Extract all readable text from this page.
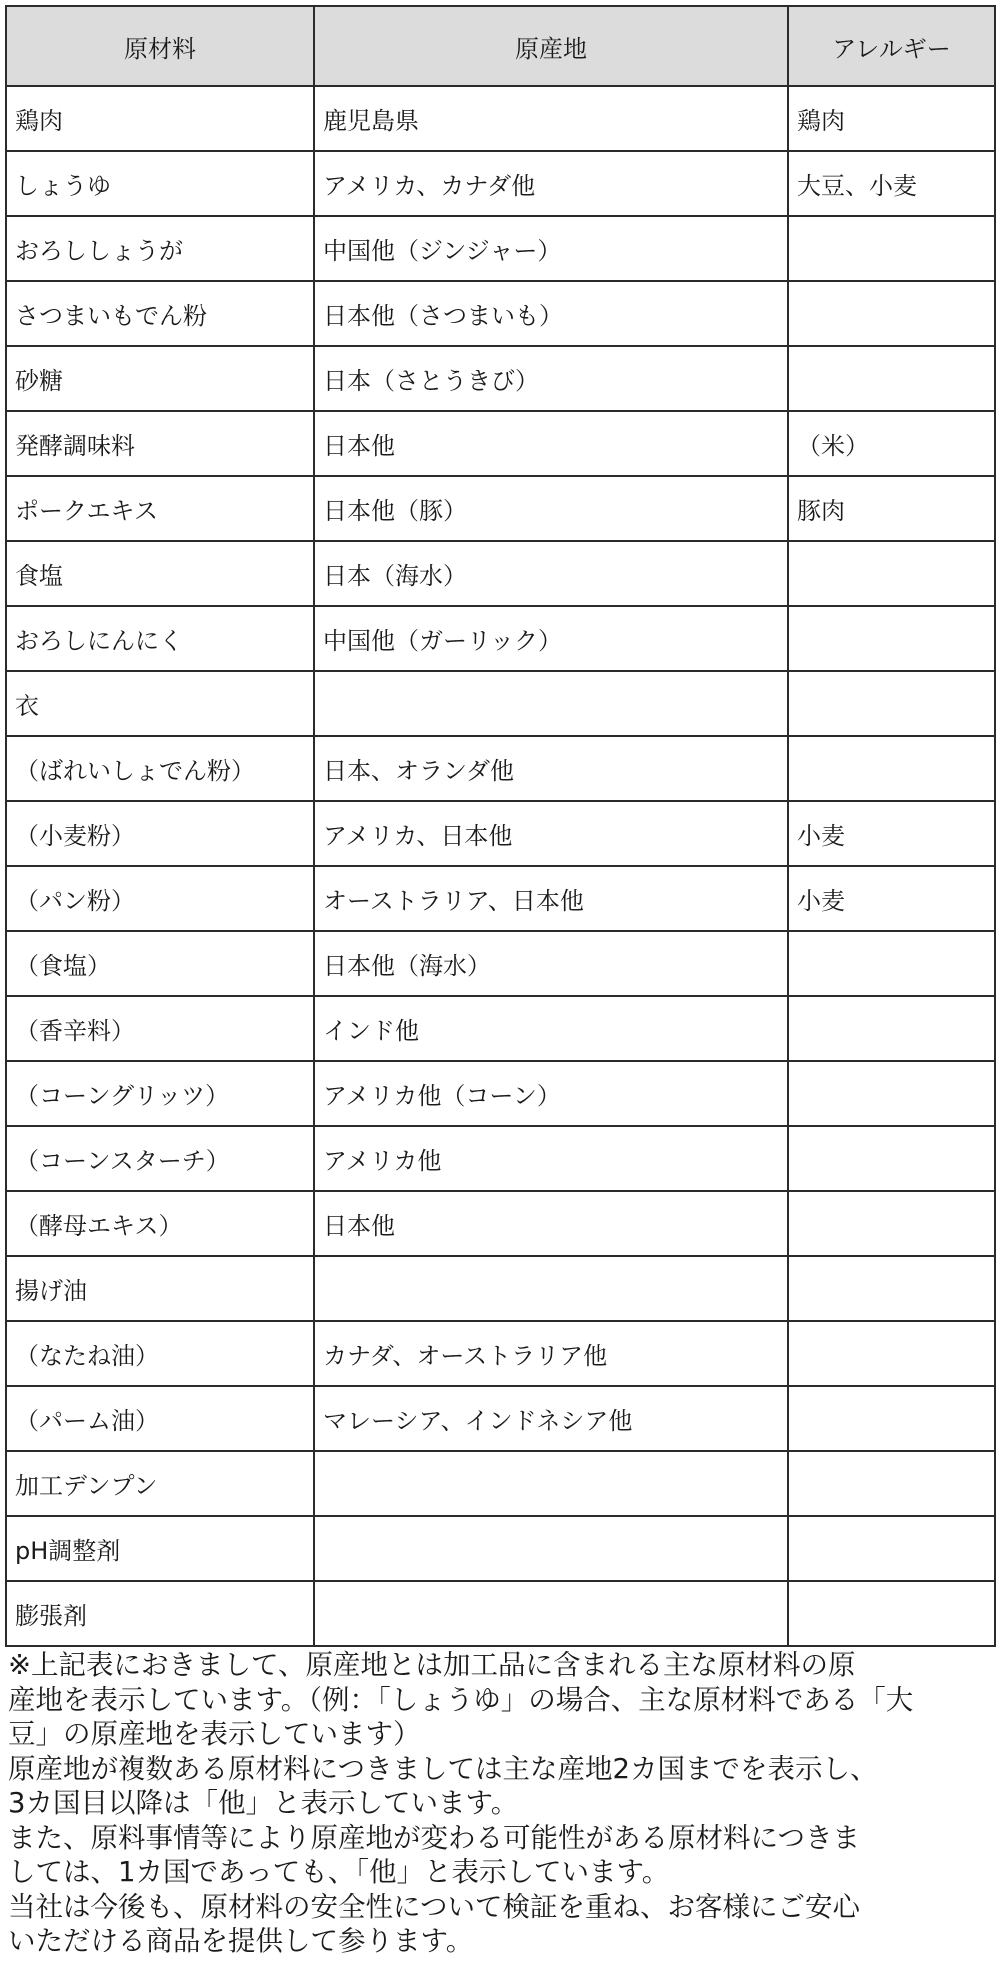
原材料	原産地	アレルギー
鶏肉	鹿児島県	鶏肉
しょうゆ	アメリカ、カナダ他	大豆、小麦
おろししょうが	中国他（ジンジャー）	
さつまいもでん粉	日本他（さつまいも）	
砂糖	日本（さとうきび）	
発酵調味料	日本他	（米）
ポークエキス	日本他（豚）	豚肉
食塩	日本（海水）	
おろしにんにく	中国他（ガーリック）	
衣		
（ばれいしょでん粉）	日本、オランダ他	
（小麦粉）	アメリカ、日本他	小麦
（パン粉）	オーストラリア、日本他	小麦
（食塩）	日本他（海水）	
（香辛料）	インド他	
（コーングリッツ）	アメリカ他（コーン）	
（コーンスターチ）	アメリカ他	
（酵母エキス）	日本他	
揚げ油		
（なたね油）	カナダ、オーストラリア他	
（パーム油）	マレーシア、インドネシア他	
加工デンプン		
pH調整剤		
膨張剤		

※上記表におきまして、原産地とは加工品に含まれる主な原材料の原

産地を表示しています。（例：「しょうゆ」の場合、主な原材料である「大

豆」の原産地を表示しています）

原産地が複数ある原材料につきましては主な産地2カ国までを表示し、

3カ国目以降は「他」と表示しています。

また、原料事情等により原産地が変わる可能性がある原材料につきま

しては、1カ国であっても、「他」と表示しています。

当社は今後も、原材料の安全性について検証を重ね、お客様にご安心

いただける商品を提供して参ります。
